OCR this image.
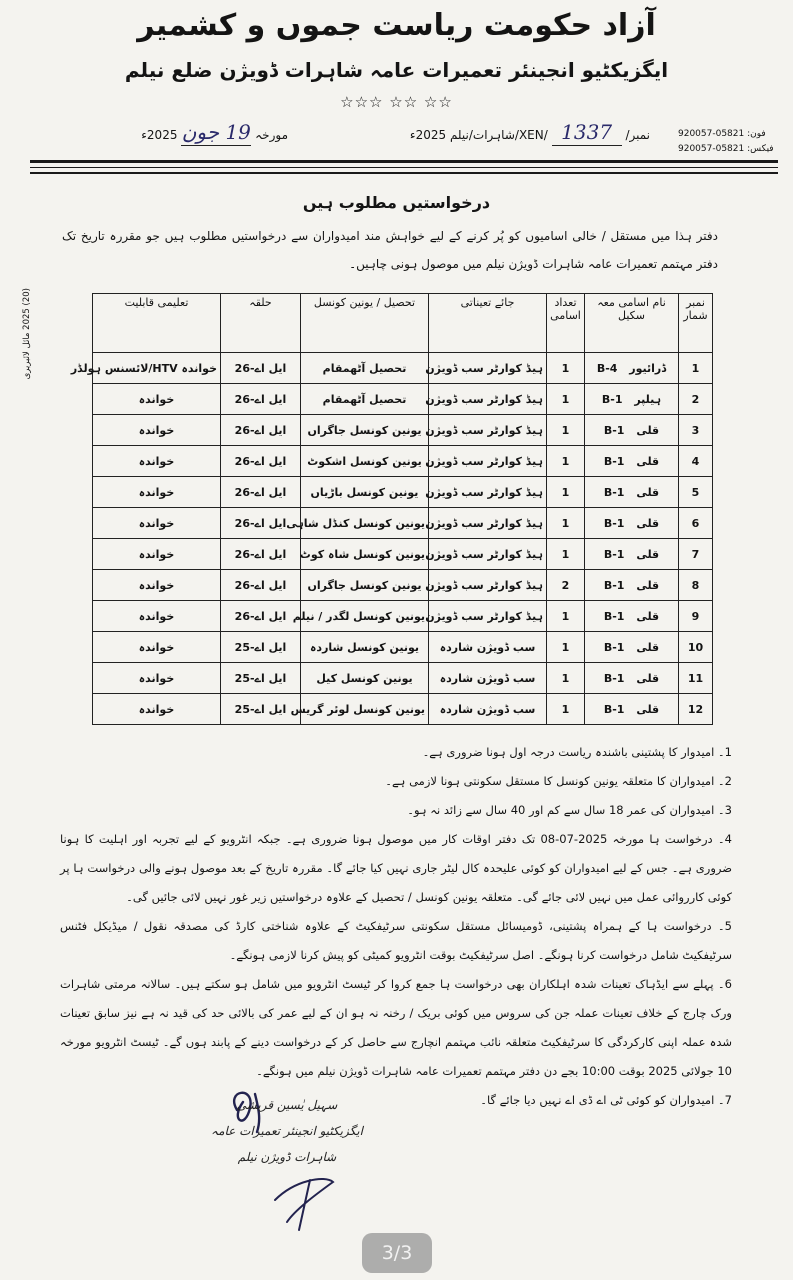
آزاد حکومت ریاست جموں و کشمیر
ایگزیکٹیو انجینئر تعمیرات عامہ شاہرات ڈویژن ضلع نیلم
☆☆☆ ☆☆ ☆☆
فون: 05821-920057
فیکس: 05821-920057
نمبر/ 1337 /XEN/شاہرات/نیلم 2025ء
مورخہ 19 جون 2025ء
درخواستیں مطلوب ہیں
دفتر ہذا میں مستقل / خالی اسامیوں کو پُر کرنے کے لیے خواہش مند امیدواران سے درخواستیں مطلوب ہیں جو مقررہ تاریخ تک دفتر مہتمم تعمیرات عامہ شاہرات ڈویژن نیلم میں موصول ہونی چاہیں۔
(20) 2025 مائل لائبریری
نمبر شمار	نام اسامی معہ سکیل	تعداد اسامی	جائے تعیناتی	تحصیل / یونین کونسل	حلقہ	تعلیمی قابلیت
1	ڈرائیور B-4	1	ہیڈ کوارٹر سب ڈویژن	تحصیل آٹھمقام	ایل اے-26	خواندہ HTV/لائسنس ہولڈر
2	ہیلپر B-1	1	ہیڈ کوارٹر سب ڈویژن	تحصیل آٹھمقام	ایل اے-26	خواندہ
3	قلی B-1	1	ہیڈ کوارٹر سب ڈویژن	یونین کونسل جاگراں	ایل اے-26	خواندہ
4	قلی B-1	1	ہیڈ کوارٹر سب ڈویژن	یونین کونسل اشکوٹ	ایل اے-26	خواندہ
5	قلی B-1	1	ہیڈ کوارٹر سب ڈویژن	یونین کونسل باڑیاں	ایل اے-26	خواندہ
6	قلی B-1	1	ہیڈ کوارٹر سب ڈویژن	یونین کونسل کنڈل شاہی	ایل اے-26	خواندہ
7	قلی B-1	1	ہیڈ کوارٹر سب ڈویژن	یونین کونسل شاہ کوٹ	ایل اے-26	خواندہ
8	قلی B-1	2	ہیڈ کوارٹر سب ڈویژن	یونین کونسل جاگراں	ایل اے-26	خواندہ
9	قلی B-1	1	ہیڈ کوارٹر سب ڈویژن	یونین کونسل لگدر / نیلم	ایل اے-26	خواندہ
10	قلی B-1	1	سب ڈویژن شاردہ	یونین کونسل شاردہ	ایل اے-25	خواندہ
11	قلی B-1	1	سب ڈویژن شاردہ	یونین کونسل کیل	ایل اے-25	خواندہ
12	قلی B-1	1	سب ڈویژن شاردہ	یونین کونسل لوئر گریس	ایل اے-25	خواندہ

1۔ امیدوار کا پشتینی باشندہ ریاست درجہ اول ہونا ضروری ہے۔

2۔ امیدواران کا متعلقہ یونین کونسل کا مستقل سکونتی ہونا لازمی ہے۔

3۔ امیدواران کی عمر 18 سال سے کم اور 40 سال سے زائد نہ ہو۔

4۔ درخواست ہا مورخہ 2025-07-08 تک دفتر اوقات کار میں موصول ہونا ضروری ہے۔ جبکہ انٹرویو کے لیے تجربہ اور اہلیت کا ہونا ضروری ہے۔ جس کے لیے امیدواران کو کوئی علیحدہ کال لیٹر جاری نہیں کیا جائے گا۔ مقررہ تاریخ کے بعد موصول ہونے والی درخواست ہا پر کوئی کارروائی عمل میں نہیں لائی جائے گی۔ متعلقہ یونین کونسل / تحصیل کے علاوہ درخواستیں زیر غور نہیں لائی جائیں گی۔

5۔ درخواست ہا کے ہمراہ پشتینی، ڈومیسائل مستقل سکونتی سرٹیفکیٹ کے علاوہ شناختی کارڈ کی مصدقہ نقول / میڈیکل فٹنس سرٹیفکیٹ شامل درخواست کرنا ہونگے۔ اصل سرٹیفکیٹ بوقت انٹرویو کمیٹی کو پیش کرنا لازمی ہونگے۔

6۔ پہلے سے ایڈہاک تعینات شدہ اہلکاران بھی درخواست ہا جمع کروا کر ٹیسٹ انٹرویو میں شامل ہو سکتے ہیں۔ سالانہ مرمتی شاہرات ورک چارج کے خلاف تعینات عملہ جن کی سروس میں کوئی بریک / رخنہ نہ ہو ان کے لیے عمر کی بالائی حد کی قید نہ ہے نیز سابق تعینات شدہ عملہ اپنی کارکردگی کا سرٹیفکیٹ متعلقہ نائب مہتمم انچارج سے حاصل کر کے درخواست دینے کے پابند ہوں گے۔ ٹیسٹ انٹرویو مورخہ 10 جولائی 2025 بوقت 10:00 بجے دن دفتر مہتمم تعمیرات عامہ شاہرات ڈویژن نیلم میں ہونگے۔

7۔ امیدواران کو کوئی ٹی اے ڈی اے نہیں دیا جائے گا۔

سہیل یٰسین قریشی
ایگزیکٹیو انجینئر تعمیرات عامہ
شاہرات ڈویژن نیلم
3/3
